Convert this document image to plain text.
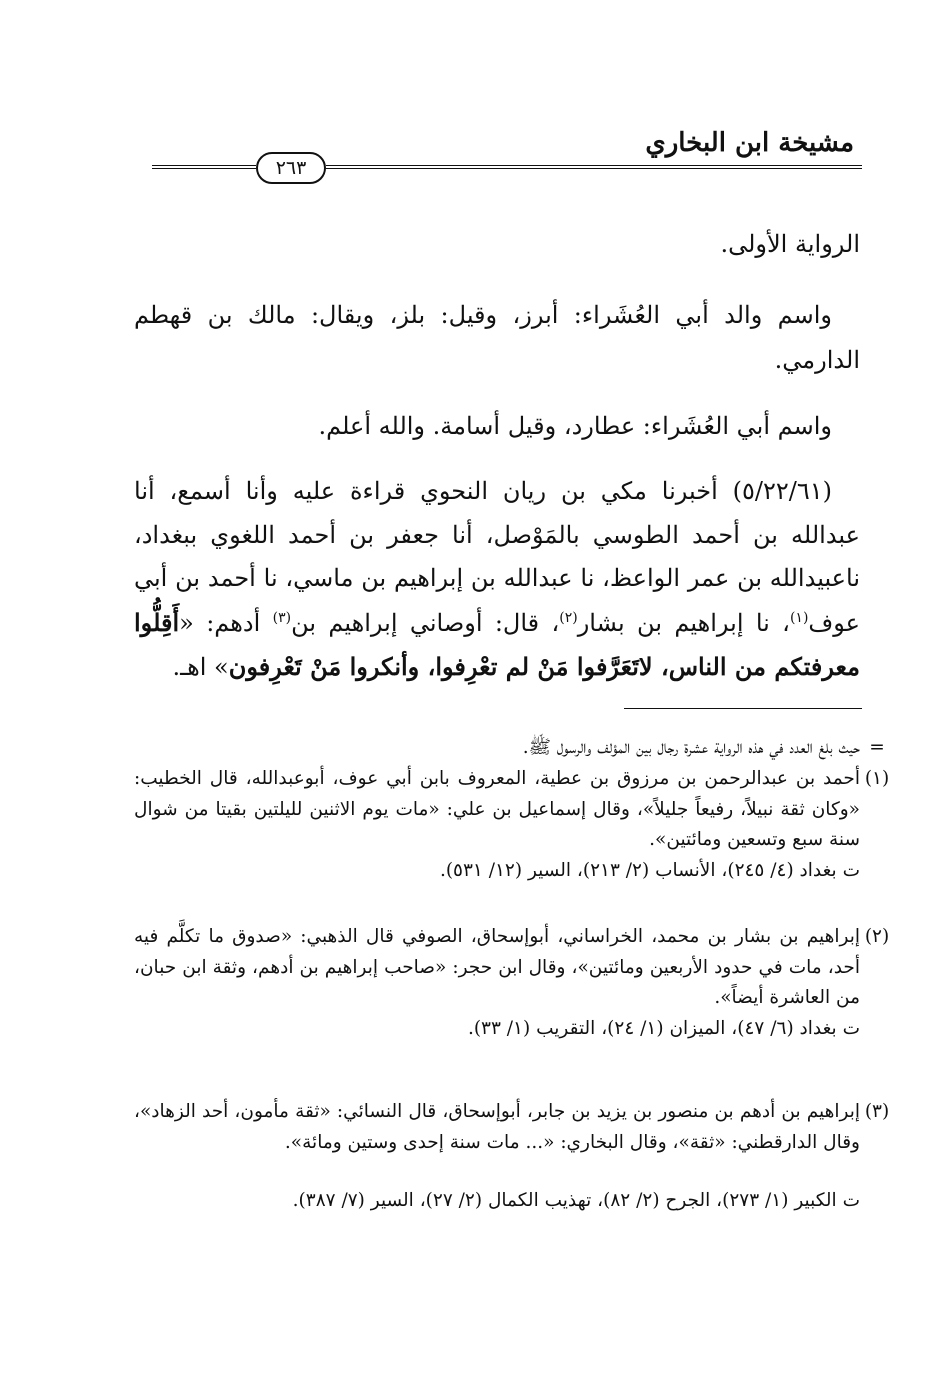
مشيخة ابن البخاري
٢٦٣
الرواية الأولى.
واسم والد أبي العُشَراء: أبرز، وقيل: بلز، ويقال: مالك بن قهطم الدارمي.
واسم أبي العُشَراء: عطارد، وقيل أسامة. والله أعلم.
(٥/٢٢/٦١) أخبرنا مكي بن ريان النحوي قراءة عليه وأنا أسمع، أنا عبدالله بن أحمد الطوسي بالمَوْصل، أنا جعفر بن أحمد اللغوي ببغداد، ناعبيدالله بن عمر الواعظ، نا عبدالله بن إبراهيم بن ماسي، نا أحمد بن أبي عوف$^{(١)}$، نا إبراهيم بن بشار$^{(٢)}$، قال: أوصاني إبراهيم بن$^{(٣)}$ أدهم: «أَقِلُّوا معرفتكم من الناس، لاتَعَرَّفوا مَنْ لم تعْرِفوا، وأنكروا مَنْ تَعْرِفون» اهـ.
=

حيث بلغ العدد في هذه الرواية عشرة رجال بين المؤلف والرسول ﷺ.

(١)

أحمد بن عبدالرحمن بن مرزوق بن عطية، المعروف بابن أبي عوف، أبوعبدالله، قال الخطيب: «وكان ثقة نبيلاً، رفيعاً جليلاً»، وقال إسماعيل بن علي: «مات يوم الاثنين لليلتين بقيتا من شوال سنة سبع وتسعين ومائتين».

ت بغداد (٤/ ٢٤٥)، الأنساب (٢/ ٢١٣)، السير (١٢/ ٥٣١).

(٢)

إبراهيم بن بشار بن محمد، الخراساني، أبوإسحاق، الصوفي قال الذهبي: «صدوق ما تكلَّم فيه أحد، مات في حدود الأربعين ومائتين»، وقال ابن حجر: «صاحب إبراهيم بن أدهم، وثقة ابن حبان، من العاشرة أيضاً».

ت بغداد (٦/ ٤٧)، الميزان (١/ ٢٤)، التقريب (١/ ٣٣).

(٣)

إبراهيم بن أدهم بن منصور بن يزيد بن جابر، أبوإسحاق، قال النسائي: «ثقة مأمون، أحد الزهاد»، وقال الدارقطني: «ثقة»، وقال البخاري: «... مات سنة إحدى وستين ومائة».

ت الكبير (١/ ٢٧٣)، الجرح (٢/ ٨٢)، تهذيب الكمال (٢/ ٢٧)، السير (٧/ ٣٨٧).
